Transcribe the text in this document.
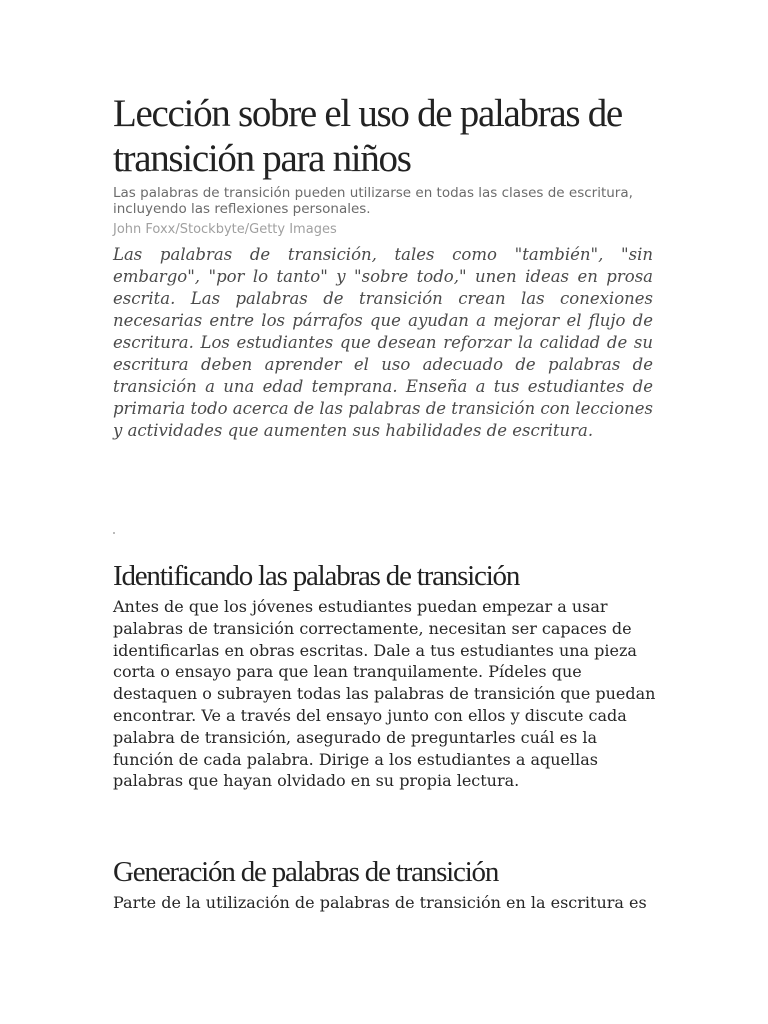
Lección sobre el uso de palabras de transición para niños

Las palabras de transición pueden utilizarse en todas las clases de escritura, incluyendo las reflexiones personales.

John Foxx/Stockbyte/Getty Images

Las palabras de transición, tales como "también", "sin embargo", "por lo tanto" y "sobre todo," unen ideas en prosa escrita. Las palabras de transición crean las conexiones necesarias entre los párrafos que ayudan a mejorar el flujo de escritura. Los estudiantes que desean reforzar la calidad de su escritura deben aprender el uso adecuado de palabras de transición a una edad temprana. Enseña a tus estudiantes de primaria todo acerca de las palabras de transición con lecciones y actividades que aumenten sus habilidades de escritura.

Identificando las palabras de transición

Antes de que los jóvenes estudiantes puedan empezar a usar palabras de transición correctamente, necesitan ser capaces de identificarlas en obras escritas. Dale a tus estudiantes una pieza corta o ensayo para que lean tranquilamente. Pídeles que destaquen o subrayen todas las palabras de transición que puedan encontrar. Ve a través del ensayo junto con ellos y discute cada palabra de transición, asegurado de preguntarles cuál es la función de cada palabra. Dirige a los estudiantes a aquellas palabras que hayan olvidado en su propia lectura.

Generación de palabras de transición

Parte de la utilización de palabras de transición en la escritura es
